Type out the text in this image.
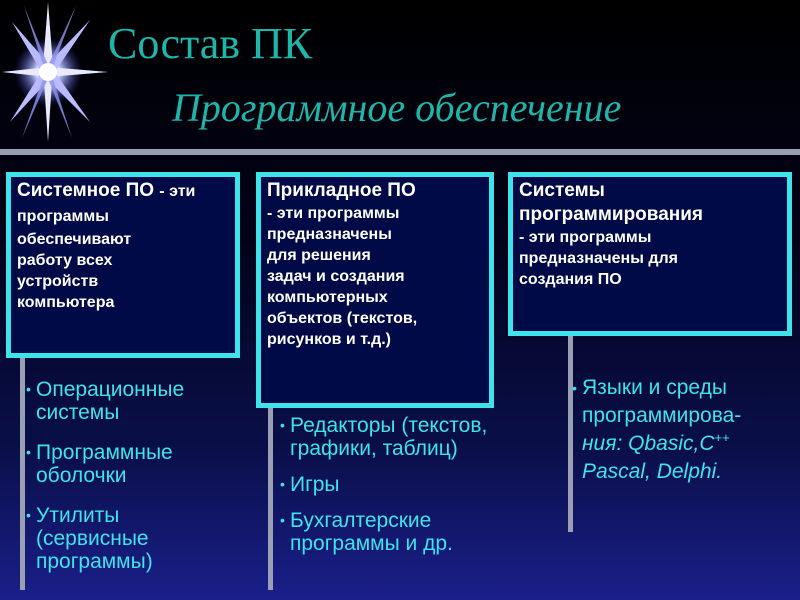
Состав ПК
Программное обеспечение
Системное ПО - эти программы
обеспечивают
работу всех
устройств
компьютера
Прикладное ПО
- эти программы
предназначены
для решения
задач и создания
компьютерных
объектов (текстов,
рисунков и т.д.)
Системы
программирования
- эти программы
предназначены для
создания ПО
• Операционные
системы
• Программные
оболочки
• Утилиты
(сервисные
программы)
• Редакторы (текстов,
графики, таблиц)
• Игры
• Бухгалтерские
программы и др.
• Языки и среды
программирова-
ния: Qbasic,C++
Pascal, Delphi.
